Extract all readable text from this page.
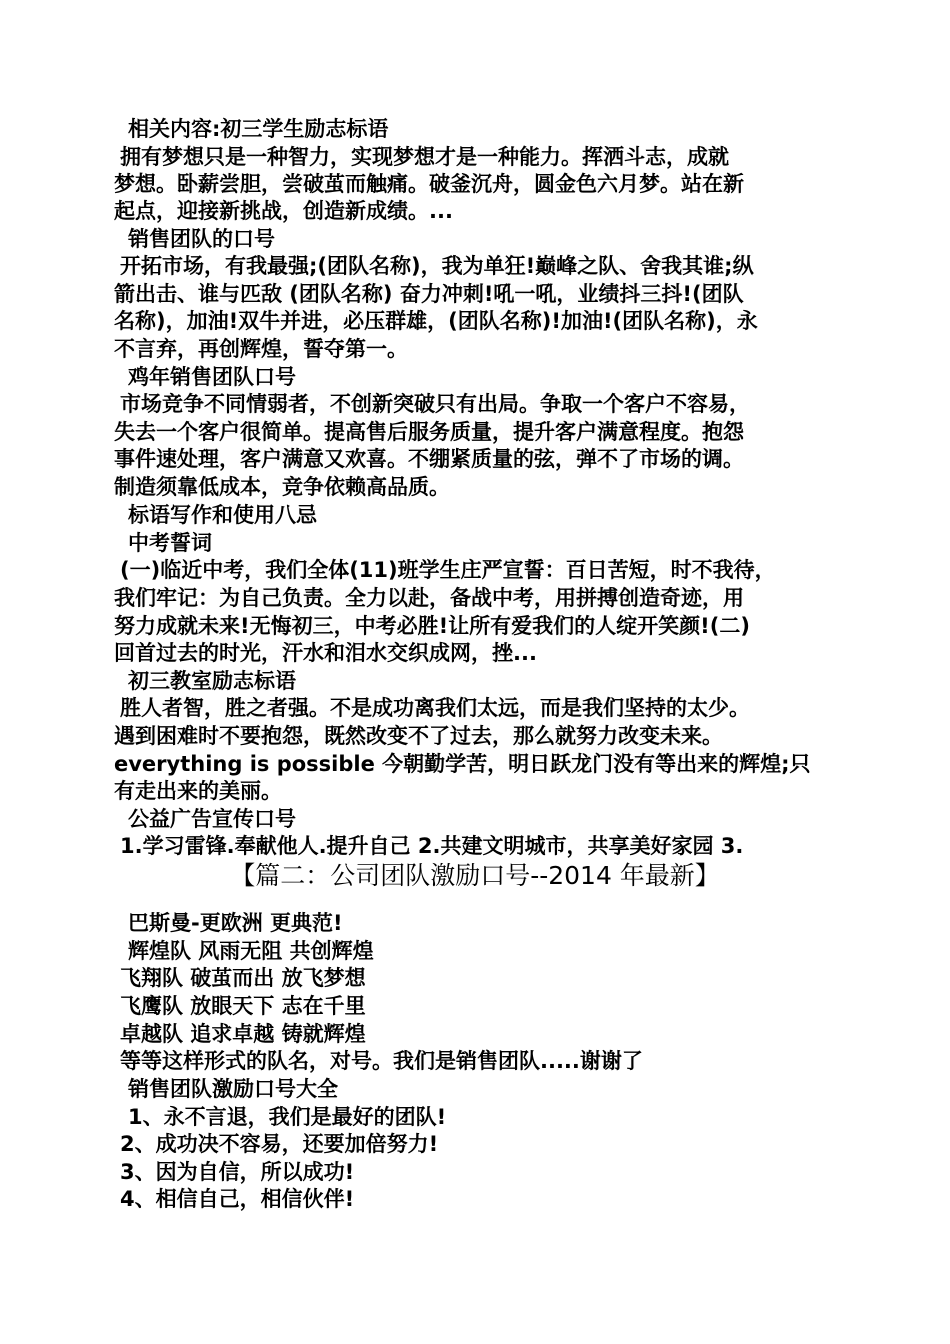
相关内容:初三学生励志标语
拥有梦想只是一种智力，实现梦想才是一种能力。挥洒斗志，成就
梦想。卧薪尝胆，尝破茧而触痛。破釜沉舟，圆金色六月梦。站在新
起点，迎接新挑战，创造新成绩。...
销售团队的口号
开拓市场，有我最强;(团队名称)，我为单狂!巅峰之队、舍我其谁;纵
箭出击、谁与匹敌 (团队名称) 奋力冲刺!吼一吼，业绩抖三抖!(团队
名称)，加油!双牛并进，必压群雄，(团队名称)!加油!(团队名称)，永
不言弃，再创辉煌，誓夺第一。
鸡年销售团队口号
市场竞争不同情弱者，不创新突破只有出局。争取一个客户不容易，
失去一个客户很简单。提高售后服务质量，提升客户满意程度。抱怨
事件速处理，客户满意又欢喜。不绷紧质量的弦，弹不了市场的调。
制造须靠低成本，竞争依赖高品质。
标语写作和使用八忌
中考誓词
(一)临近中考，我们全体(11)班学生庄严宣誓：百日苦短，时不我待，
我们牢记：为自己负责。全力以赴，备战中考，用拼搏创造奇迹，用
努力成就未来!无悔初三，中考必胜!让所有爱我们的人绽开笑颜!(二)
回首过去的时光，汗水和泪水交织成网，挫...
初三教室励志标语
胜人者智，胜之者强。不是成功离我们太远，而是我们坚持的太少。
遇到困难时不要抱怨，既然改变不了过去，那么就努力改变未来。
everything is possible 今朝勤学苦，明日跃龙门没有等出来的辉煌;只
有走出来的美丽。
公益广告宣传口号
1.学习雷锋.奉献他人.提升自己 2.共建文明城市，共享美好家园 3.
【篇二：公司团队激励口号--2014 年最新】
巴斯曼-更欧洲 更典范!
辉煌队 风雨无阻 共创辉煌
飞翔队 破茧而出 放飞梦想
飞鹰队 放眼天下 志在千里
卓越队 追求卓越 铸就辉煌
等等这样形式的队名，对号。我们是销售团队.....谢谢了
销售团队激励口号大全
1、永不言退，我们是最好的团队!
2、成功决不容易，还要加倍努力!
3、因为自信，所以成功!
4、相信自己，相信伙伴!
